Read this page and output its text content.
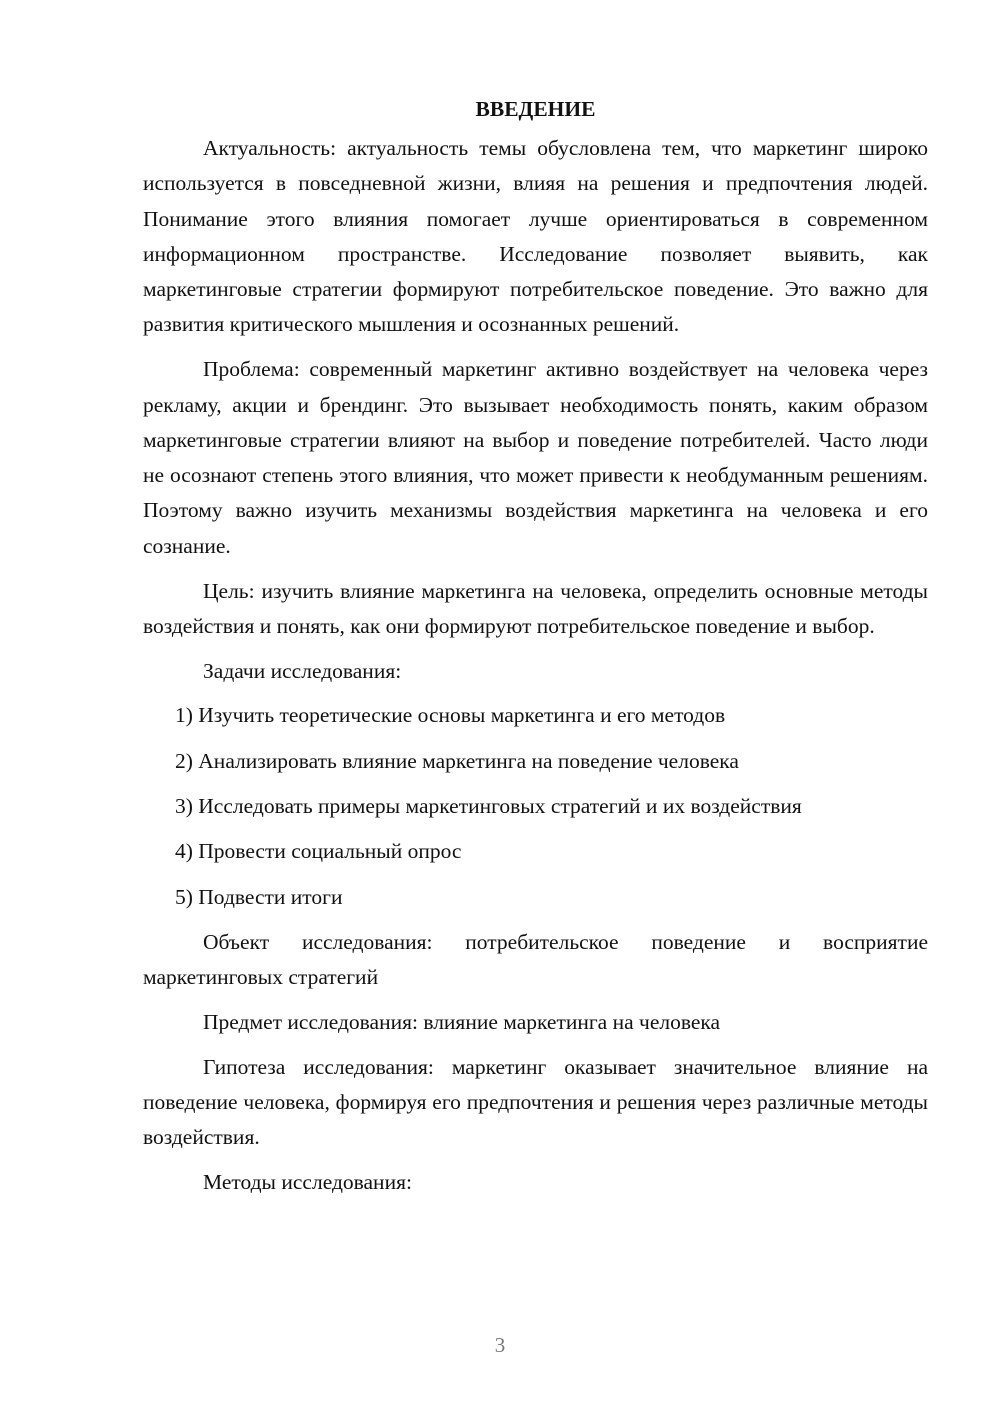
ВВЕДЕНИЕ

Актуальность: актуальность темы обусловлена тем, что маркетинг широко используется в повседневной жизни, влияя на решения и предпочтения людей. Понимание этого влияния помогает лучше ориентироваться в современном информационном пространстве. Исследование позволяет выявить, как маркетинговые стратегии формируют потребительское поведение. Это важно для развития критического мышления и осознанных решений.

Проблема: современный маркетинг активно воздействует на человека через рекламу, акции и брендинг. Это вызывает необходимость понять, каким образом маркетинговые стратегии влияют на выбор и поведение потребителей. Часто люди не осознают степень этого влияния, что может привести к необдуманным решениям. Поэтому важно изучить механизмы воздействия маркетинга на человека и его сознание.

Цель: изучить влияние маркетинга на человека, определить основные методы воздействия и понять, как они формируют потребительское поведение и выбор.

Задачи исследования:

1) Изучить теоретические основы маркетинга и его методов

2) Анализировать влияние маркетинга на поведение человека

3) Исследовать примеры маркетинговых стратегий и их воздействия

4) Провести социальный опрос

5) Подвести итоги

Объект исследования: потребительское поведение и восприятие маркетинговых стратегий

Предмет исследования: влияние маркетинга на человека

Гипотеза исследования: маркетинг оказывает значительное влияние на поведение человека, формируя его предпочтения и решения через различные методы воздействия.

Методы исследования:

3
